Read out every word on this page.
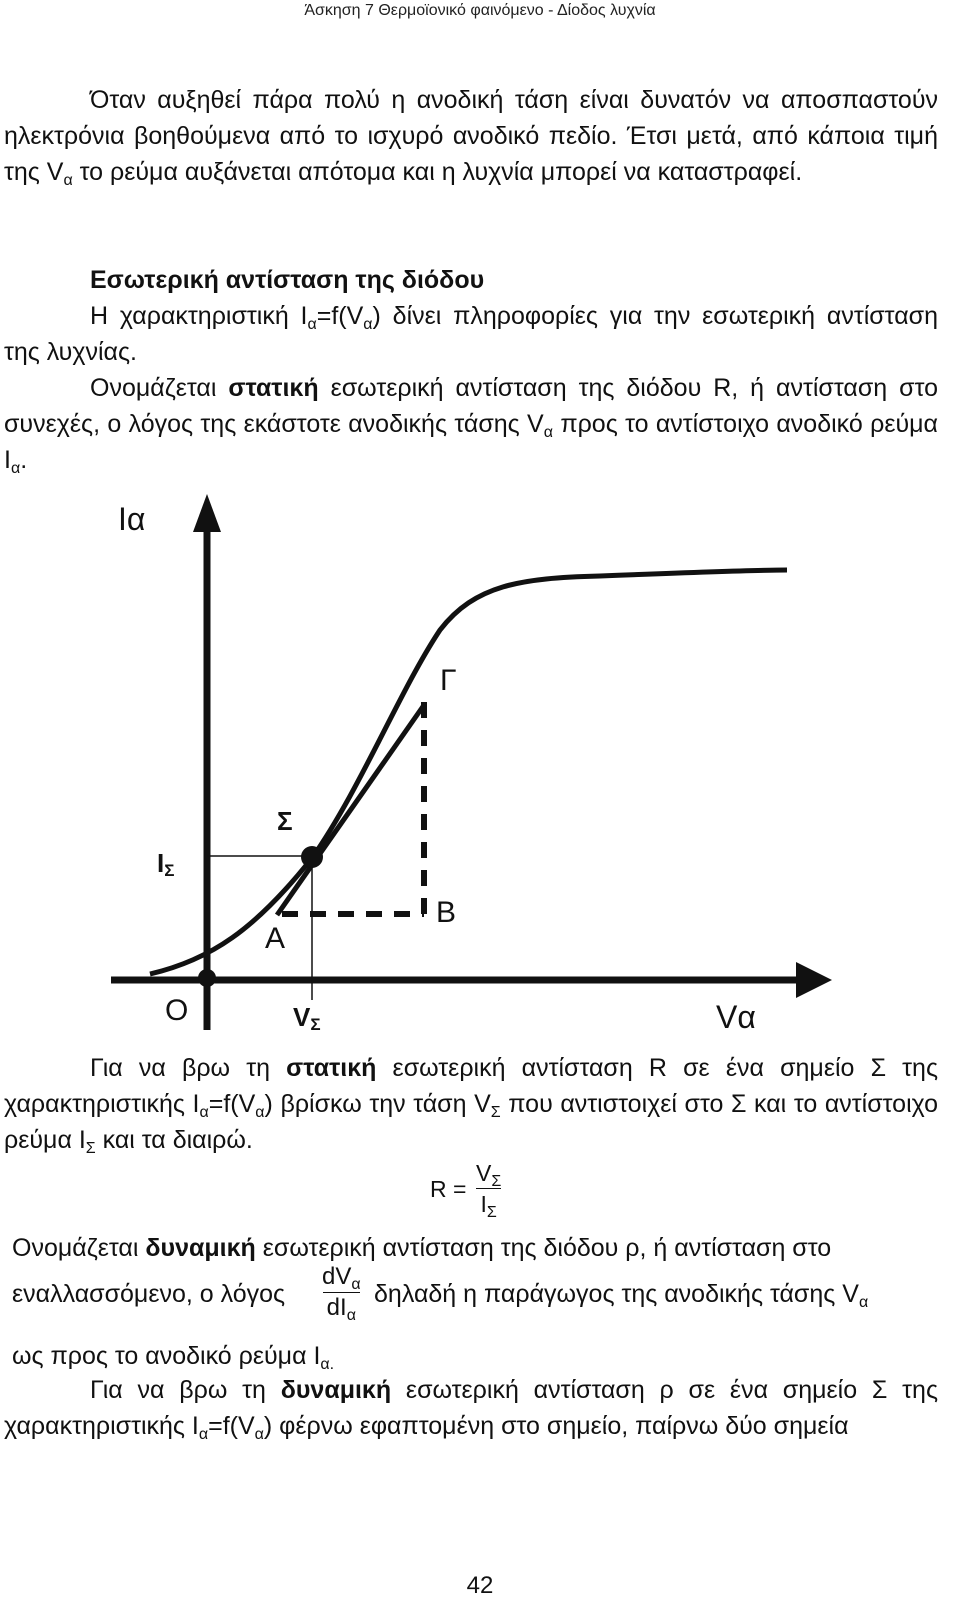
Άσκηση 7 Θερμοϊονικό φαινόμενο - Δίοδος λυχνία
Όταν αυξηθεί πάρα πολύ η ανοδική τάση είναι δυνατόν να αποσπαστούν ηλεκτρόνια βοηθούμενα από το ισχυρό ανοδικό πεδίο. Έτσι μετά, από κάποια τιμή της $V_\alpha$ το ρεύμα αυξάνεται απότομα και η λυχνία μπορεί να καταστραφεί.
Εσωτερική αντίσταση της διόδου
Η χαρακτηριστική $I_\alpha=f(V_\alpha)$ δίνει πληροφορίες για την εσωτερική αντίσταση της λυχνίας.
Ονομάζεται στατική εσωτερική αντίσταση της διόδου R, ή αντίσταση στο συνεχές, ο λόγος της εκάστοτε ανοδικής τάσης $V_\alpha$ προς το αντίστοιχο ανοδικό ρεύμα $I_\alpha$.
Iα
Vα
O
Σ
A
B
Γ
IΣ
VΣ
Για να βρω τη στατική εσωτερική αντίσταση R σε ένα σημείο Σ της χαρακτηριστικής $I_\alpha=f(V_\alpha)$ βρίσκω την τάση $V_\Sigma$ που αντιστοιχεί στο Σ και το αντίστοιχο ρεύμα $I_\Sigma$ και τα διαιρώ.
$R = \frac{V_\Sigma}{I_\Sigma}$
Ονομάζεται δυναμική εσωτερική αντίσταση της διόδου ρ, ή αντίσταση στο
εναλλασσόμενο, ο λόγος
$dV_\alpha$
$dI_\alpha$
δηλαδή η παράγωγος της ανοδικής τάσης $V_\alpha$
ως προς το ανοδικό ρεύμα $I_{\alpha.}$
Για να βρω τη δυναμική εσωτερική αντίσταση ρ σε ένα σημείο Σ της χαρακτηριστικής $I_\alpha=f(V_\alpha)$ φέρνω εφαπτομένη στο σημείο, παίρνω δύο σημεία
42
